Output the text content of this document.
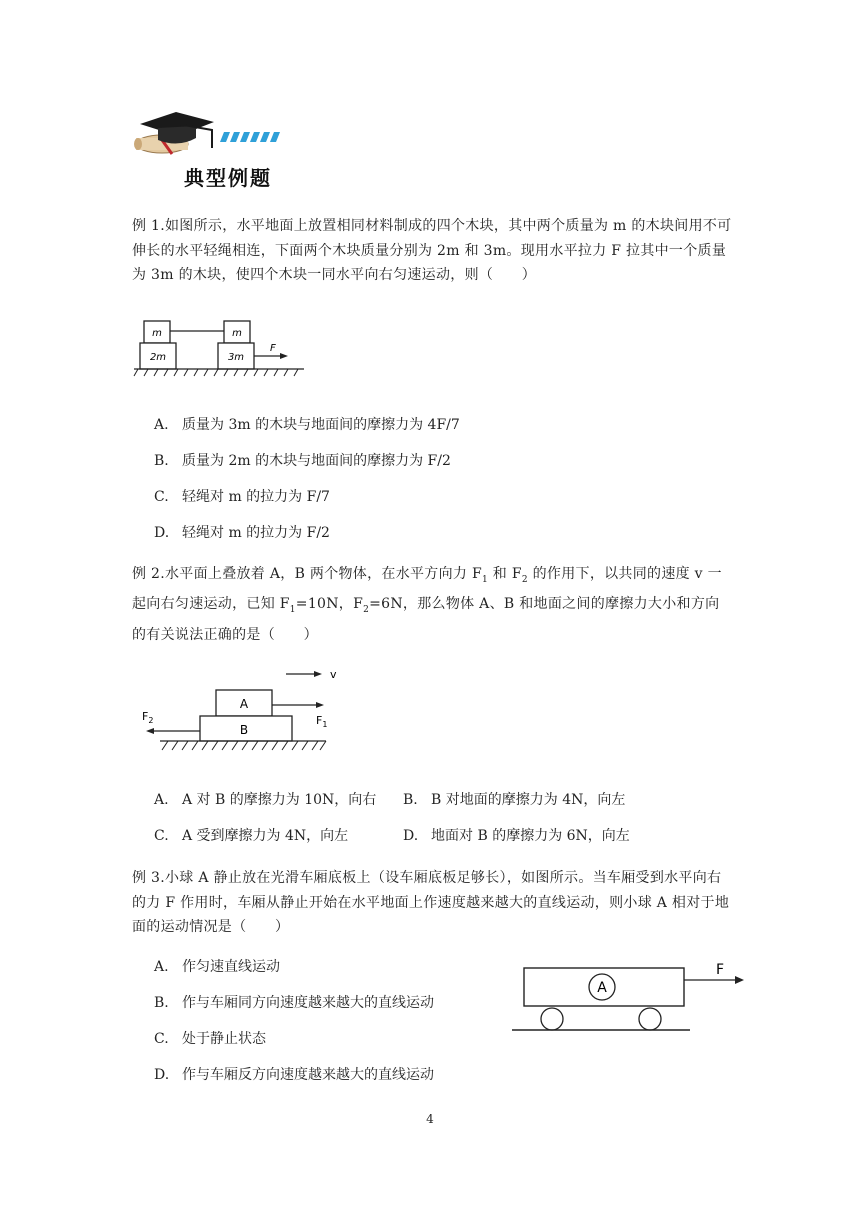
典型例题
例 1.如图所示，水平地面上放置相同材料制成的四个木块，其中两个质量为 m 的木块间用不可伸长的水平轻绳相连，下面两个木块质量分别为 2m 和 3m。现用水平拉力 F 拉其中一个质量为 3m 的木块，使四个木块一同水平向右匀速运动，则（　　）
m	m
2m	3m
F
A. 质量为 3m 的木块与地面间的摩擦力为 4F/7
B. 质量为 2m 的木块与地面间的摩擦力为 F/2
C. 轻绳对 m 的拉力为 F/7
D. 轻绳对 m 的拉力为 F/2
例 2.水平面上叠放着 A，B 两个物体，在水平方向力 $F_1$ 和 $F_2$ 的作用下，以共同的速度 v 一起向右匀速运动，已知 $F_1=10N$，$F_2=6N$，那么物体 A、B 和地面之间的摩擦力大小和方向的有关说法正确的是（　　）
v
A
$F_1$
B
$F_2$
A. A 对 B 的摩擦力为 10N，向右 B. B 对地面的摩擦力为 4N，向左
C. A 受到摩擦力为 4N，向左	D. 地面对 B 的摩擦力为 6N，向左
例 3.小球 A 静止放在光滑车厢底板上（设车厢底板足够长），如图所示。当车厢受到水平向右的力 F 作用时，车厢从静止开始在水平地面上作速度越来越大的直线运动，则小球 A 相对于地面的运动情况是（　　）
A
F
A. 作匀速直线运动
B. 作与车厢同方向速度越来越大的直线运动
C. 处于静止状态
D. 作与车厢反方向速度越来越大的直线运动
4
